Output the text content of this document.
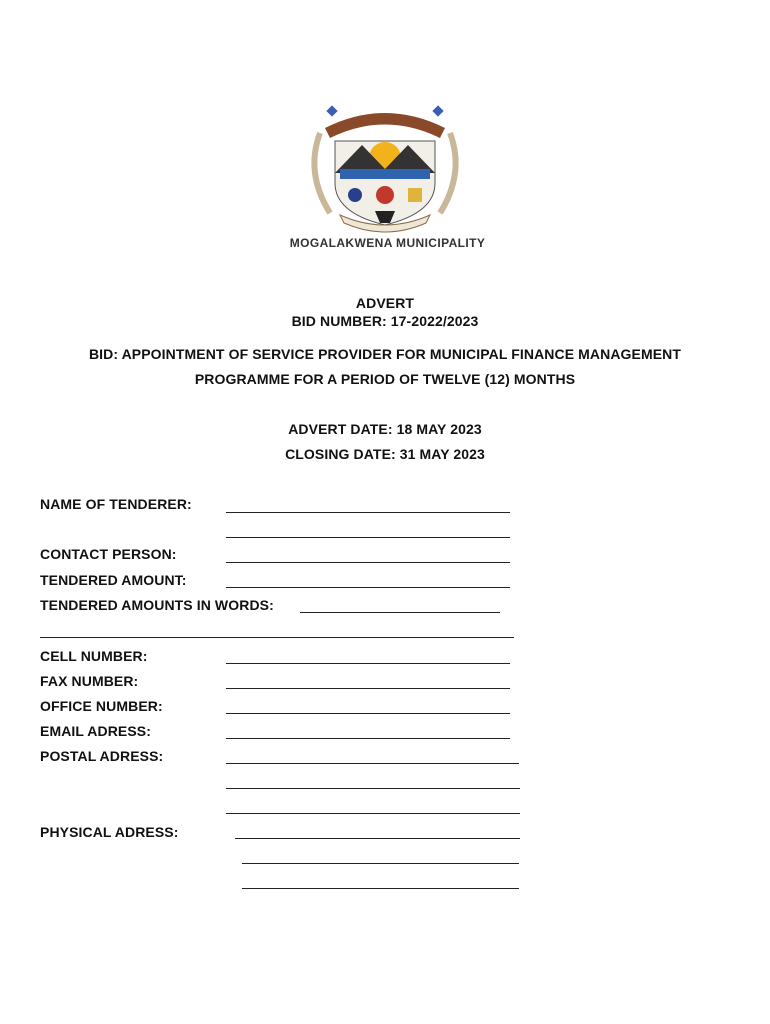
MOGALAKWENA MUNICIPALITY
ADVERT
BID NUMBER: 17-2022/2023
BID: APPOINTMENT OF SERVICE PROVIDER FOR MUNICIPAL FINANCE MANAGEMENT
PROGRAMME FOR A PERIOD OF TWELVE (12) MONTHS
ADVERT DATE: 18 MAY 2023
CLOSING DATE: 31 MAY 2023
NAME OF TENDERER:
CONTACT PERSON:
TENDERED AMOUNT:
TENDERED AMOUNTS IN WORDS:
CELL NUMBER:
FAX NUMBER:
OFFICE NUMBER:
EMAIL ADRESS:
POSTAL ADRESS:
PHYSICAL ADRESS:
